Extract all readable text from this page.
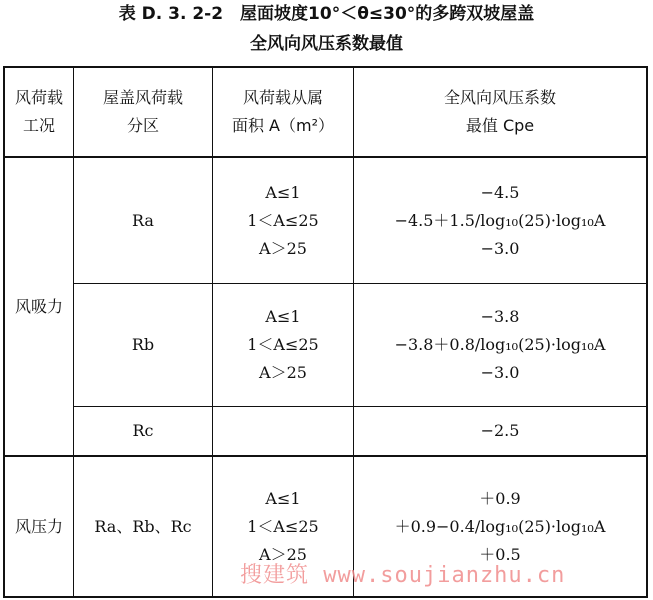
表 D. 3. 2-2　屋面坡度10°＜θ≤30°的多跨双坡屋盖
全风向风压系数最值
风荷载
工况
屋盖风荷载
分区
风荷载从属
面积 A（m²）
全风向风压系数
最值 Cpe
风吸力
Ra
A≤1
1＜A≤25
A＞25
−4.5
−4.5＋1.5/log₁₀(25)·log₁₀A
−3.0
Rb
A≤1
1＜A≤25
A＞25
−3.8
−3.8＋0.8/log₁₀(25)·log₁₀A
−3.0
Rc	−2.5
风压力 Ra、Rb、Rc
A≤1
1＜A≤25
A＞25
＋0.9
＋0.9−0.4/log₁₀(25)·log₁₀A
＋0.5
搜建筑 www.soujianzhu.cn
